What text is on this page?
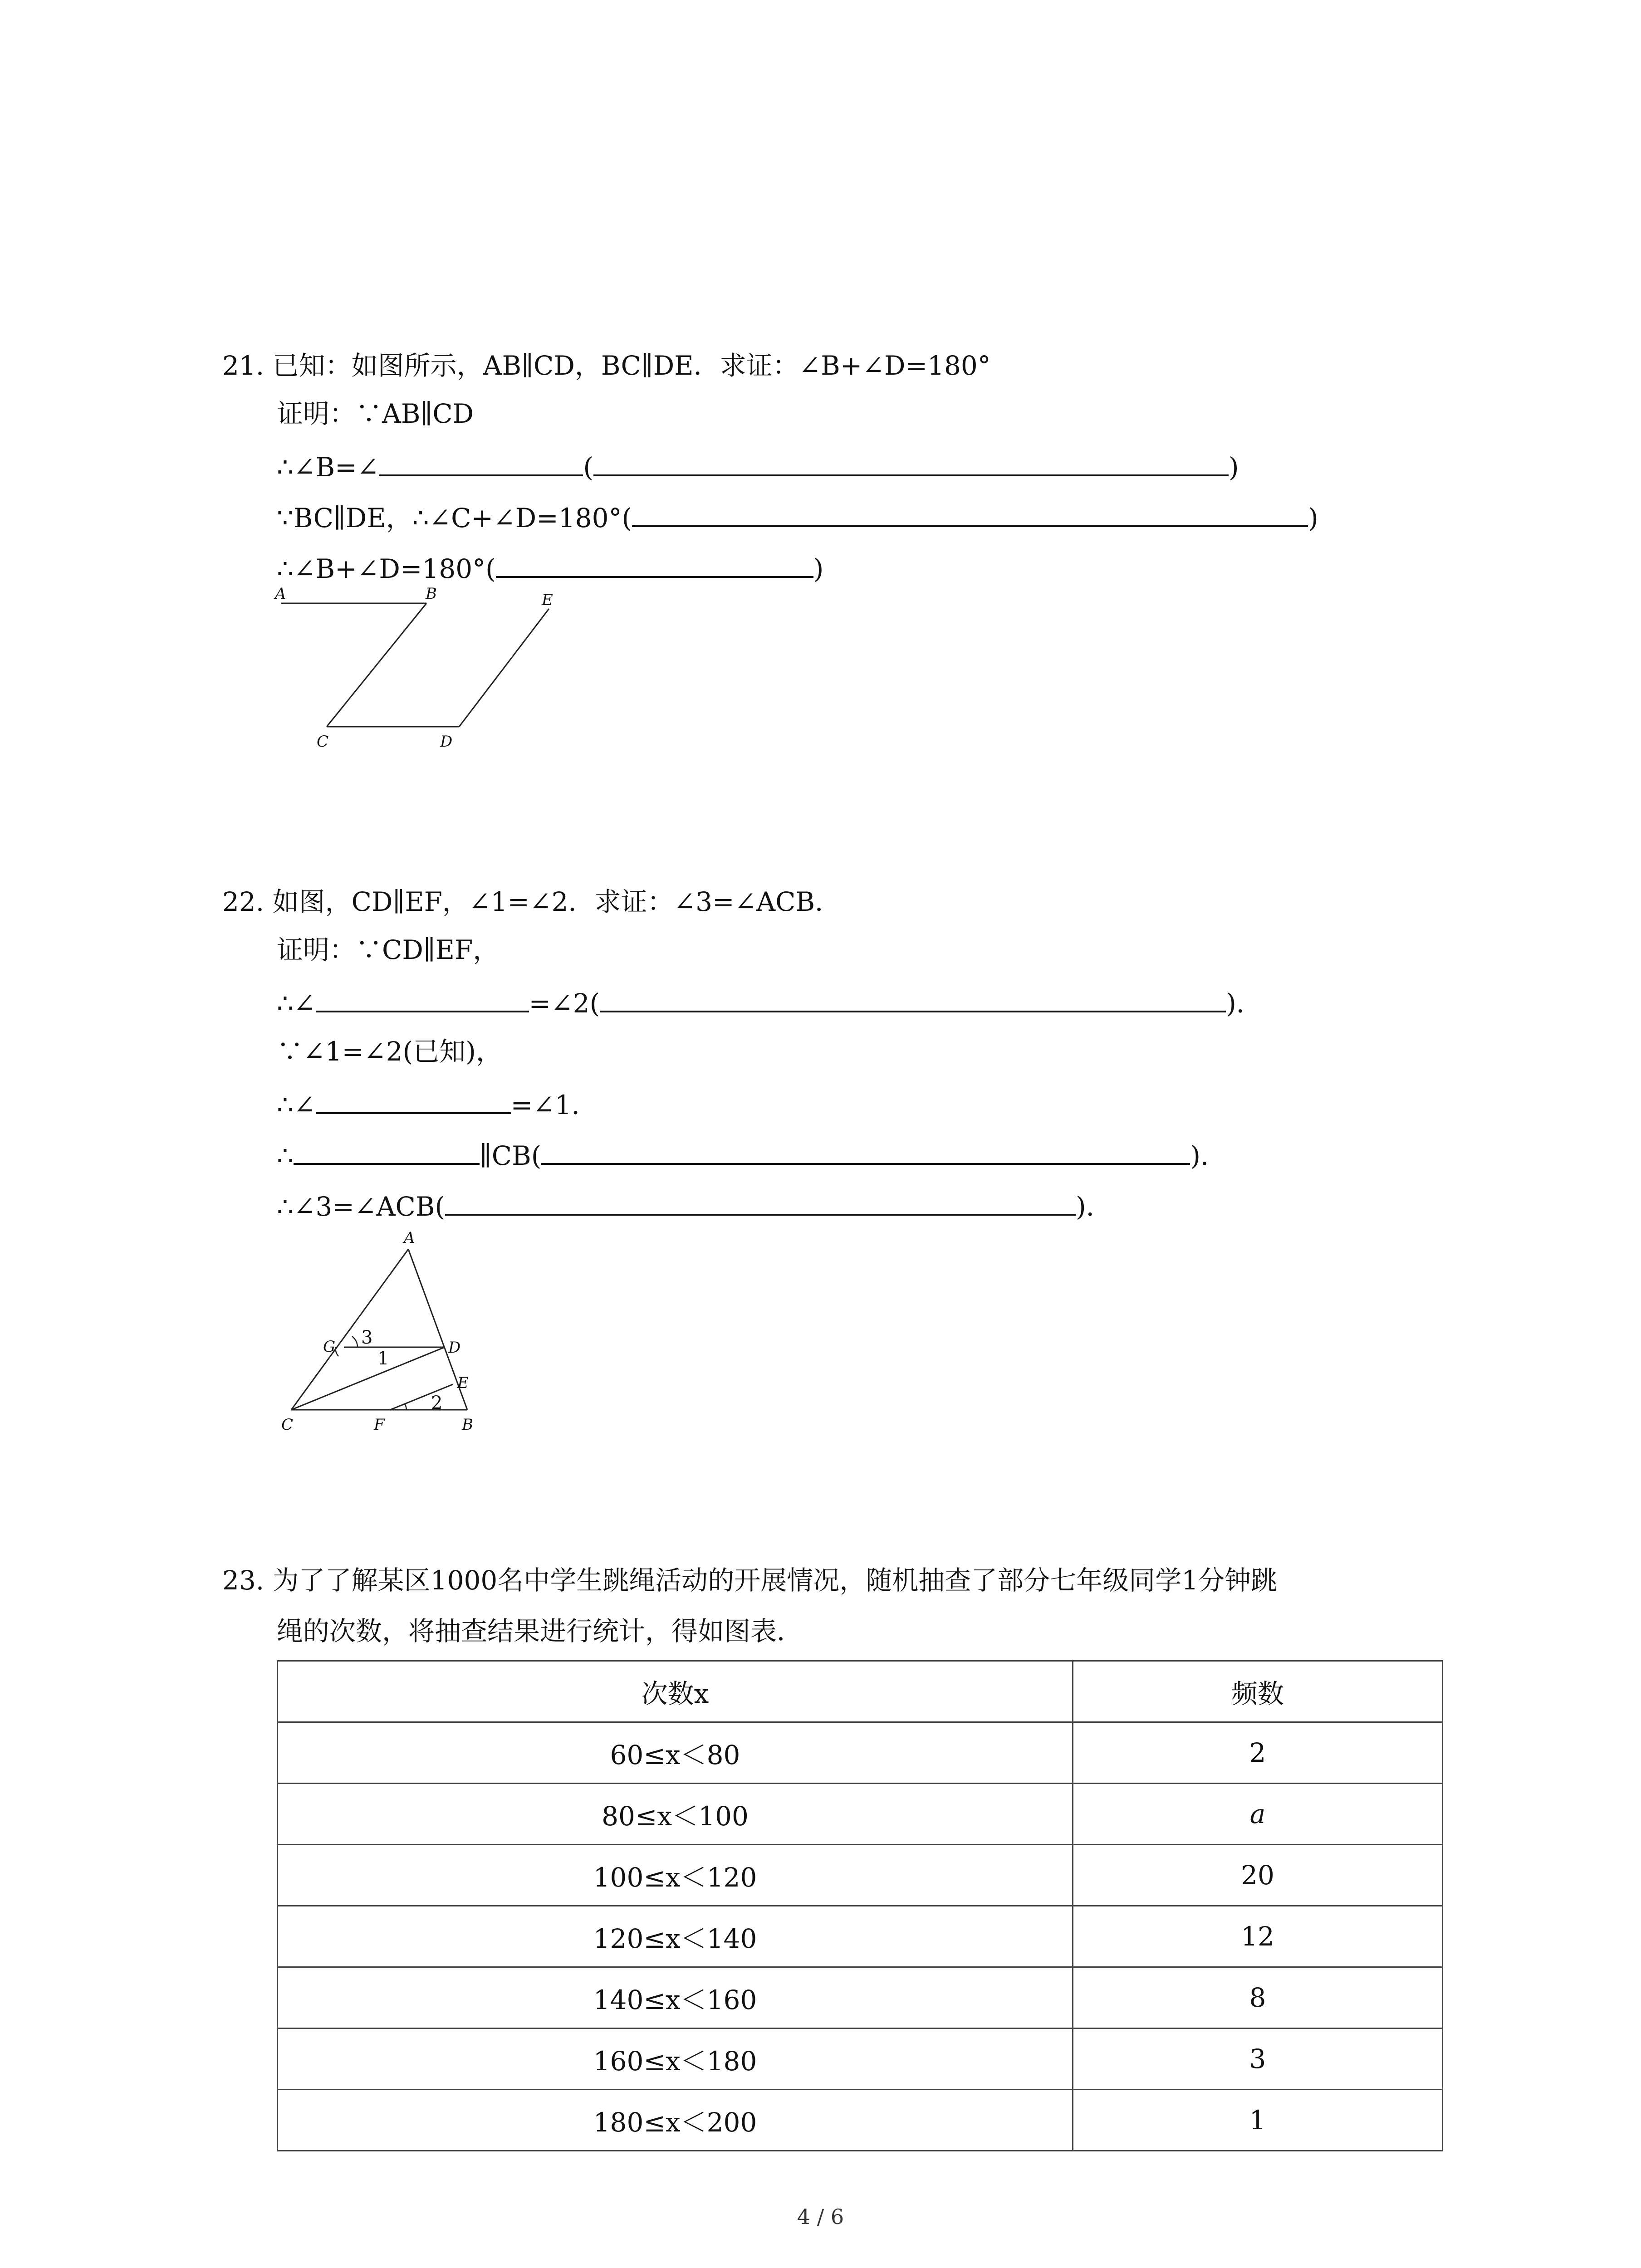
21. 已知：如图所示，AB∥CD，BC∥DE．求证：∠B+∠D=180°
证明：∵AB∥CD
∴∠B=∠	(	)
∵BC∥DE，∴∠C+∠D=180°(	)
∴∠B+∠D=180°(	)
A	B	E
C	D
22. 如图，CD∥EF，∠1=∠2．求证：∠3=∠ACB．
证明：∵CD∥EF，
∴∠	=∠2(	)．
∵∠1=∠2(已知)，
∴∠	=∠1．
∴	∥CB(	)．
∴∠3=∠ACB(	)．
A
G	D
E
C	F	B
3
1
2
23. 为了了解某区1000名中学生跳绳活动的开展情况，随机抽查了部分七年级同学1分钟跳
绳的次数，将抽查结果进行统计，得如图表．
次数x	频数
60≤x＜80	2
80≤x＜100	a
100≤x＜120	20
120≤x＜140	12
140≤x＜160	8
160≤x＜180	3
180≤x＜200	1
4 / 6
